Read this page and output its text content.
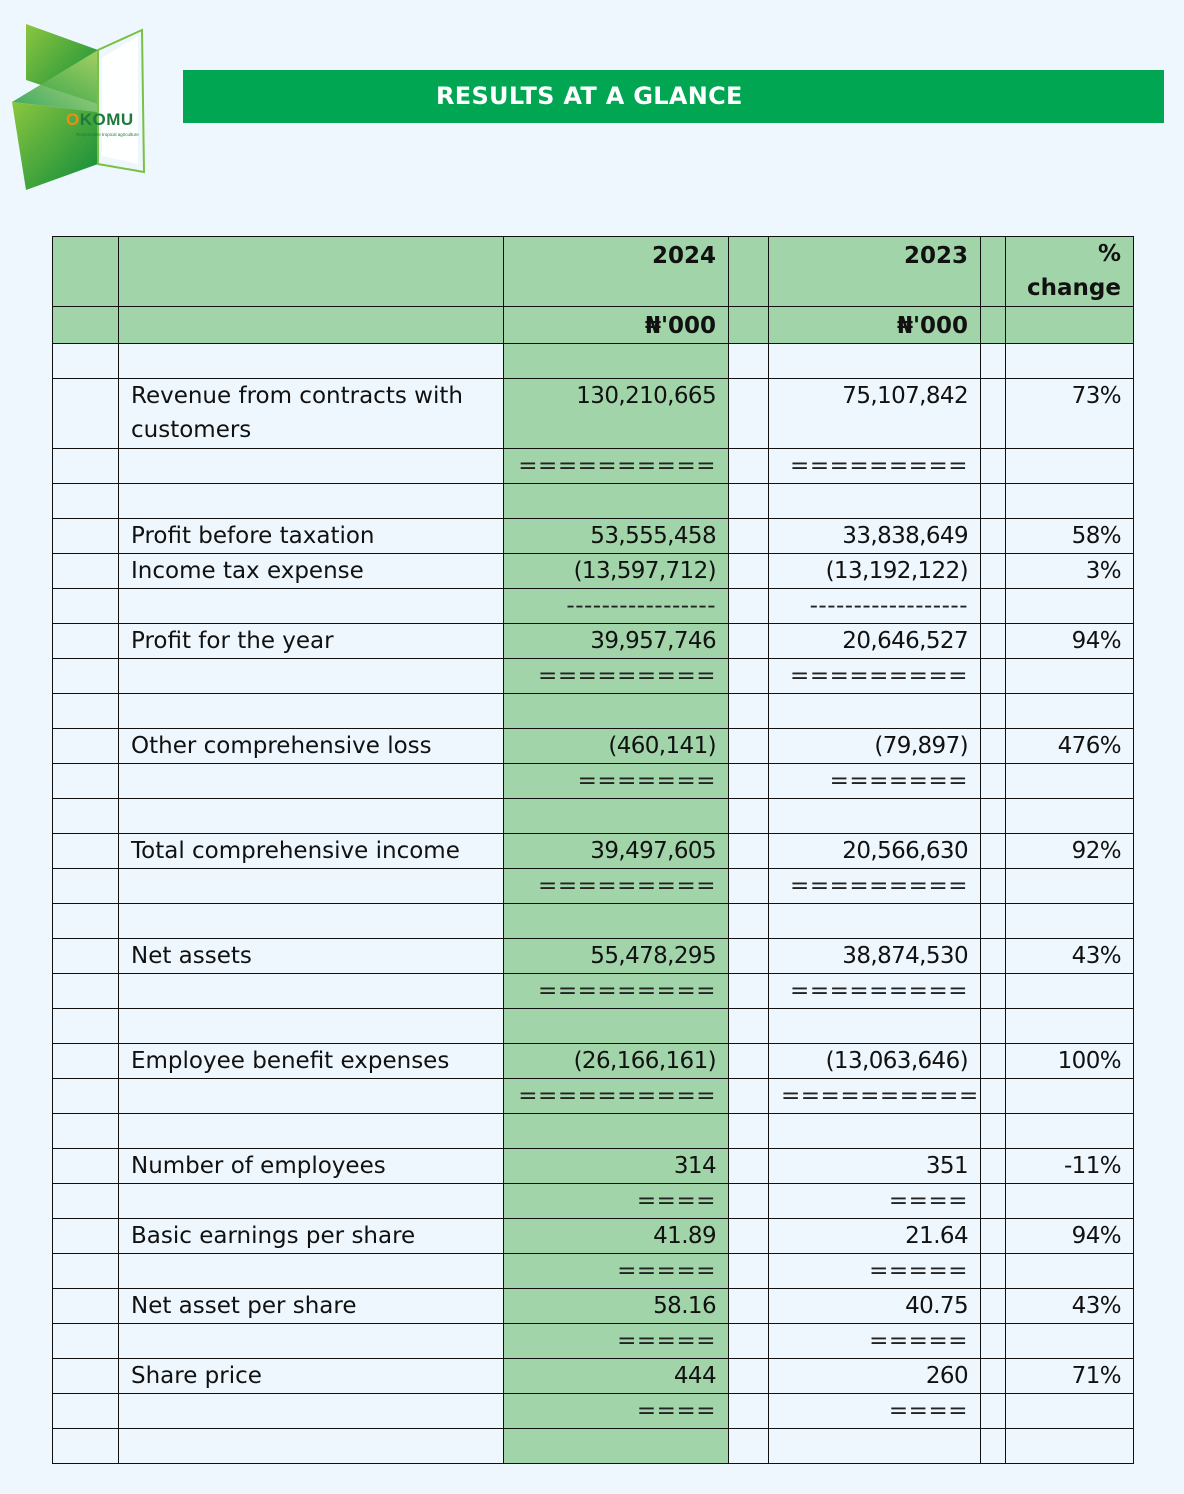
OKOMU
Responsible tropical agriculture
RESULTS AT A GLANCE
		2024		2023		% change
		₦'000		₦'000		

	Revenue from contracts with customers	130,210,665		75,107,842		73%
		==========		=========		

	Profit before taxation	53,555,458		33,838,649		58%
	Income tax expense	(13,597,712)		(13,192,122)		3%
		-----------------		------------------		
	Profit for the year	39,957,746		20,646,527		94%
		=========		=========		

	Other comprehensive loss	(460,141)		(79,897)		476%
		=======		=======		

	Total comprehensive income	39,497,605		20,566,630		92%
		=========		=========		

	Net assets	55,478,295		38,874,530		43%
		=========		=========		

	Employee benefit expenses	(26,166,161)		(13,063,646)		100%
		==========		==========		

	Number of employees	314		351		-11%
		====		====		
	Basic earnings per share	41.89		21.64		94%
		=====		=====		
	Net asset per share	58.16		40.75		43%
		=====		=====		
	Share price	444		260		71%
		====		====		
